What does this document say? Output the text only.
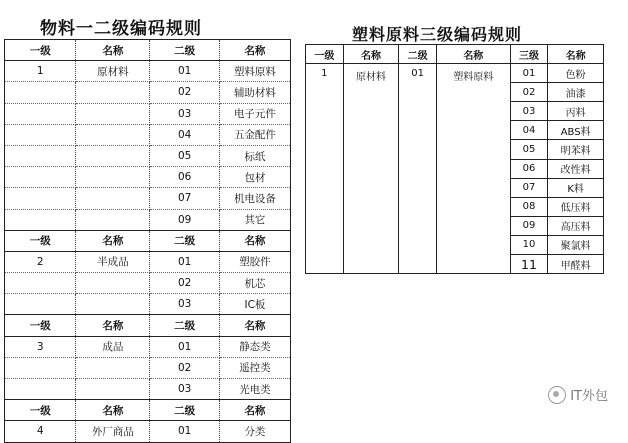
物料一二级编码规则	塑料原料三级编码规则
一级	名称	二级	名称
1	原材料	01	塑料原料
		02	辅助材料
		03	电子元件
		04	五金配件
		05	标纸
		06	包材
		07	机电设备
		09	其它
一级	名称	二级	名称
2	半成品	01	塑胶件
		02	机芯
		03	IC板
一级	名称	二级	名称
3	成品	01	静态类
		02	遥控类
		03	光电类
一级	名称	二级	名称
4	外厂商品	01	分类
一级	名称	二级	名称	三级	名称
1	原材料	01	塑料原料	01	色粉
				02	油漆
				03	丙料
				04	ABS料
				05	明苯料
				06	改性料
				07	K料
				08	低压料
				09	高压料
				10	聚氯料
				11	甲醛料
IT外包
